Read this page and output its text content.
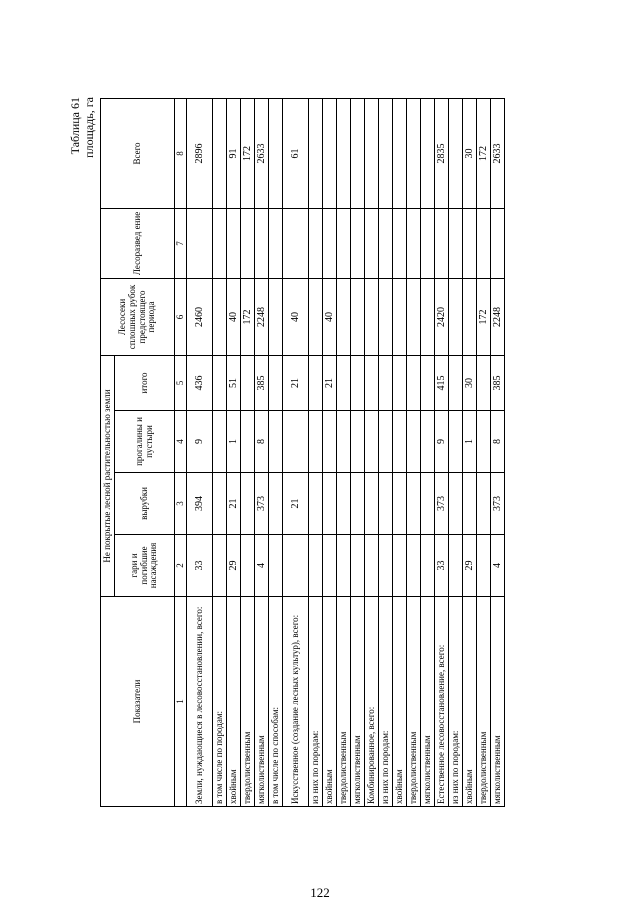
Таблица 61 площадь, га
Показатели	Не покрытые лесной растительностью земли				Лесосеки сплошных рубок предстоящего периода	Лесоразвед ение	Всего
	гари и погибшие насаждения	вырубки	прогалины и пустыри	итого			
1	2	3	4	5	6	7	8
Земли, нуждающиеся в лесовосстановлении, всего:	33	394	9	436	2460		2896
в том числе по породам:							
хвойным	29	21	1	51	40		91
твердолиственным					172		172
мягколиственным	4	373	8	385	2248		2633
в том числе по способам:							
Искусственное (создание лесных культур), всего:		21		21	40		61
из них по породам:							
хвойным				21	40		
твердолиственным							
мягколиственным							
Комбинированное, всего:							
из них по породам:							
хвойным							
твердолиственным							
мягколиственным							
Естественное лесовосстановление, всего:	33	373	9	415	2420		2835
из них по породам:							
хвойным	29		1	30			30
твердолиственным					172		172
мягколиственным	4	373	8	385	2248		2633
122
